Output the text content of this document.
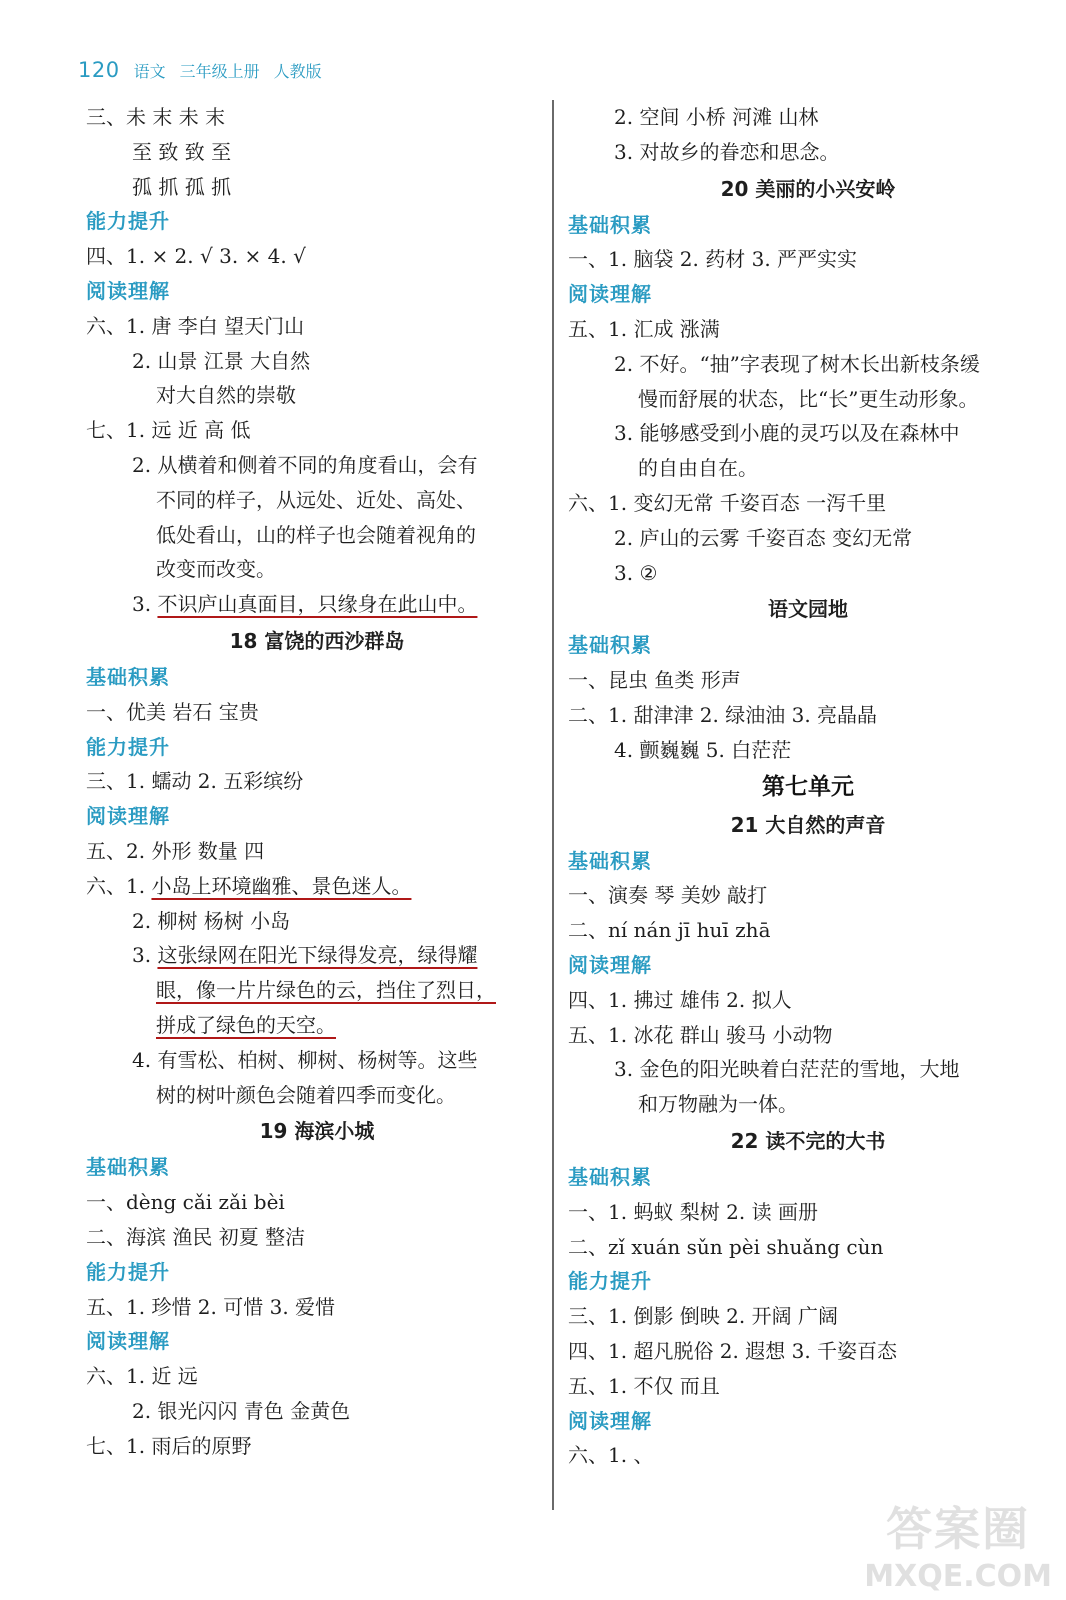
120 语文 三年级上册 人教版
三、未 末 未 末
至 致 致 至
孤 抓 孤 抓
能力提升
四、1. × 2. √ 3. × 4. √
阅读理解
六、1. 唐 李白 望天门山
2. 山景 江景 大自然
对大自然的崇敬
七、1. 远 近 高 低
2. 从横着和侧着不同的角度看山，会有
不同的样子，从远处、近处、高处、
低处看山，山的样子也会随着视角的
改变而改变。
3. 不识庐山真面目，只缘身在此山中。
18 富饶的西沙群岛
基础积累
一、优美 岩石 宝贵
能力提升
三、1. 蠕动 2. 五彩缤纷
阅读理解
五、2. 外形 数量 四
六、1. 小岛上环境幽雅、景色迷人。
2. 柳树 杨树 小岛
3. 这张绿网在阳光下绿得发亮，绿得耀
眼，像一片片绿色的云，挡住了烈日，
拼成了绿色的天空。
4. 有雪松、柏树、柳树、杨树等。这些
树的树叶颜色会随着四季而变化。
19 海滨小城
基础积累
一、dèng cǎi zǎi bèi
二、海滨 渔民 初夏 整洁
能力提升
五、1. 珍惜 2. 可惜 3. 爱惜
阅读理解
六、1. 近 远
2. 银光闪闪 青色 金黄色
七、1. 雨后的原野
2. 空间 小桥 河滩 山林
3. 对故乡的眷恋和思念。
20 美丽的小兴安岭
基础积累
一、1. 脑袋 2. 药材 3. 严严实实
阅读理解
五、1. 汇成 涨满
2. 不好。“抽”字表现了树木长出新枝条缓
慢而舒展的状态，比“长”更生动形象。
3. 能够感受到小鹿的灵巧以及在森林中
的自由自在。
六、1. 变幻无常 千姿百态 一泻千里
2. 庐山的云雾 千姿百态 变幻无常
3. ②
语文园地
基础积累
一、昆虫 鱼类 形声
二、1. 甜津津 2. 绿油油 3. 亮晶晶
4. 颤巍巍 5. 白茫茫
第七单元
21 大自然的声音
基础积累
一、演奏 琴 美妙 敲打
二、ní nán jī huī zhā
阅读理解
四、1. 拂过 雄伟 2. 拟人
五、1. 冰花 群山 骏马 小动物
3. 金色的阳光映着白茫茫的雪地，大地
和万物融为一体。
22 读不完的大书
基础积累
一、1. 蚂蚁 梨树 2. 读 画册
二、zǐ xuán sǔn pèi shuǎng cùn
能力提升
三、1. 倒影 倒映 2. 开阔 广阔
四、1. 超凡脱俗 2. 遐想 3. 千姿百态
五、1. 不仅 而且
阅读理解
六、1. 、
答案圈
MXQE.COM
